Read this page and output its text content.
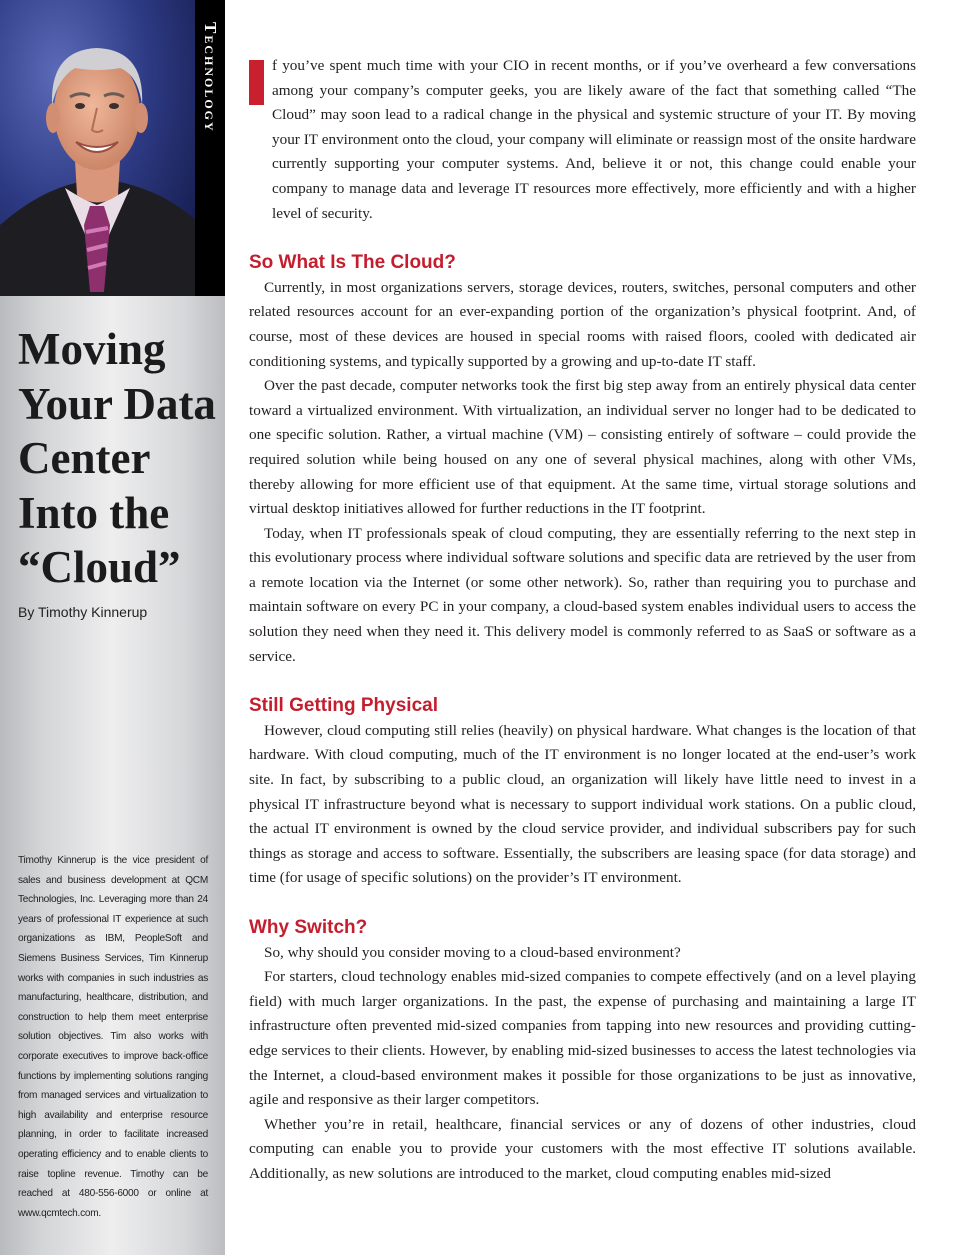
Technology
Moving
Your Data
Center
Into the
“Cloud”
By Timothy Kinnerup
Timothy Kinnerup is the vice president of sales and business development at QCM Technologies, Inc. Leveraging more than 24 years of professional IT experience at such organizations as IBM, PeopleSoft and Siemens Business Services, Tim Kinnerup works with companies in such industries as manufacturing, healthcare, distribution, and construction to help them meet enterprise solution objectives. Tim also works with corporate executives to improve back-office functions by implementing solutions ranging from managed services and virtualization to high availability and enterprise resource planning, in order to facilitate increased operating efficiency and to enable clients to raise topline revenue. Timothy can be reached at 480-556-6000 or online at www.qcmtech.com.

f you’ve spent much time with your CIO in recent months, or if you’ve overheard a few conversations among your company’s computer geeks, you are likely aware of the fact that something called “The Cloud” may soon lead to a radical change in the physical and systemic structure of your IT. By moving your IT environment onto the cloud, your company will eliminate or reassign most of the onsite hardware currently supporting your computer systems. And, believe it or not, this change could enable your company to manage data and leverage IT resources more effectively, more efficiently and with a higher level of security.

So What Is The Cloud?

Currently, in most organizations servers, storage devices, routers, switches, personal computers and other related resources account for an ever-expanding portion of the organization’s physical footprint. And, of course, most of these devices are housed in special rooms with raised floors, cooled with dedicated air conditioning systems, and typically supported by a growing and up-to-date IT staff.

Over the past decade, computer networks took the first big step away from an entirely physical data center toward a virtualized environment. With virtualization, an individual server no longer had to be dedicated to one specific solution. Rather, a virtual machine (VM) – consisting entirely of software – could provide the required solution while being housed on any one of several physical machines, along with other VMs, thereby allowing for more efficient use of that equipment. At the same time, virtual storage solutions and virtual desktop initiatives allowed for further reductions in the IT footprint.

Today, when IT professionals speak of cloud computing, they are essentially referring to the next step in this evolutionary process where individual software solutions and specific data are retrieved by the user from a remote location via the Internet (or some other network). So, rather than requiring you to purchase and maintain software on every PC in your company, a cloud-based system enables individual users to access the solution they need when they need it. This delivery model is commonly referred to as SaaS or software as a service.

Still Getting Physical

However, cloud computing still relies (heavily) on physical hardware. What changes is the location of that hardware. With cloud computing, much of the IT environment is no longer located at the end-user’s work site. In fact, by subscribing to a public cloud, an organization will likely have little need to invest in a physical IT infrastructure beyond what is necessary to support individual work stations. On a public cloud, the actual IT environment is owned by the cloud service provider, and individual subscribers pay for such things as storage and access to software. Essentially, the subscribers are leasing space (for data storage) and time (for usage of specific solutions) on the provider’s IT environment.

Why Switch?

So, why should you consider moving to a cloud-based environment?

For starters, cloud technology enables mid-sized companies to compete effectively (and on a level playing field) with much larger organizations. In the past, the expense of purchasing and maintaining a large IT infrastructure often prevented mid-sized companies from tapping into new resources and providing cutting-edge services to their clients. However, by enabling mid-sized businesses to access the latest technologies via the Internet, a cloud-based environment makes it possible for those organizations to be just as innovative, agile and responsive as their larger competitors.

Whether you’re in retail, healthcare, financial services or any of dozens of other industries, cloud computing can enable you to provide your customers with the most effective IT solutions available. Additionally, as new solutions are introduced to the market, cloud computing enables mid-sized
